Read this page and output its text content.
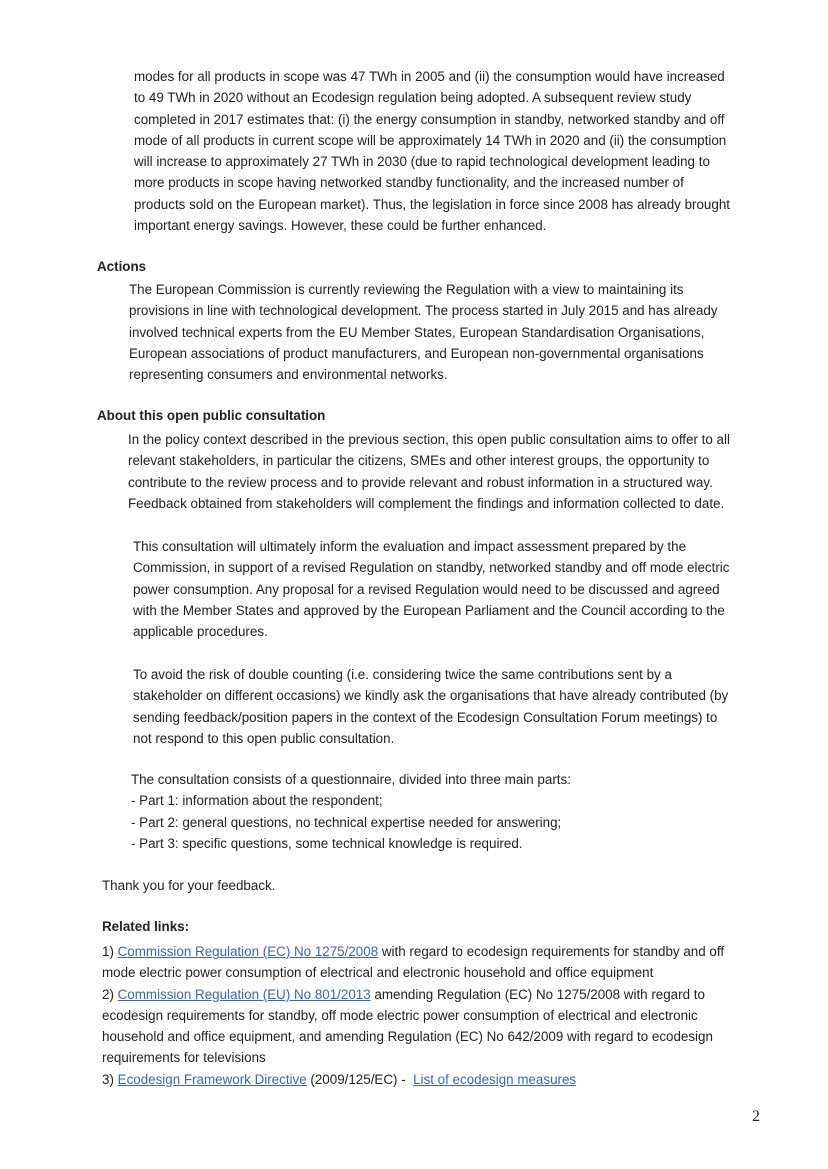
modes for all products in scope was 47 TWh in 2005 and (ii) the consumption would have increased
to 49 TWh in 2020 without an Ecodesign regulation being adopted. A subsequent review study
completed in 2017 estimates that: (i) the energy consumption in standby, networked standby and off
mode of all products in current scope will be approximately 14 TWh in 2020 and (ii) the consumption
will increase to approximately 27 TWh in 2030 (due to rapid technological development leading to
more products in scope having networked standby functionality, and the increased number of
products sold on the European market). Thus, the legislation in force since 2008 has already brought
important energy savings. However, these could be further enhanced.
Actions
The European Commission is currently reviewing the Regulation with a view to maintaining its
provisions in line with technological development. The process started in July 2015 and has already
involved technical experts from the EU Member States, European Standardisation Organisations,
European associations of product manufacturers, and European non-governmental organisations
representing consumers and environmental networks.
About this open public consultation
In the policy context described in the previous section, this open public consultation aims to offer to all
relevant stakeholders, in particular the citizens, SMEs and other interest groups, the opportunity to
contribute to the review process and to provide relevant and robust information in a structured way.
Feedback obtained from stakeholders will complement the findings and information collected to date.
This consultation will ultimately inform the evaluation and impact assessment prepared by the
Commission, in support of a revised Regulation on standby, networked standby and off mode electric
power consumption. Any proposal for a revised Regulation would need to be discussed and agreed
with the Member States and approved by the European Parliament and the Council according to the
applicable procedures.
To avoid the risk of double counting (i.e. considering twice the same contributions sent by a
stakeholder on different occasions) we kindly ask the organisations that have already contributed (by
sending feedback/position papers in the context of the Ecodesign Consultation Forum meetings) to
not respond to this open public consultation.
The consultation consists of a questionnaire, divided into three main parts:
- Part 1: information about the respondent;
- Part 2: general questions, no technical expertise needed for answering;
- Part 3: specific questions, some technical knowledge is required.
Thank you for your feedback.
Related links:
1) Commission Regulation (EC) No 1275/2008 with regard to ecodesign requirements for standby and off
mode electric power consumption of electrical and electronic household and office equipment
2) Commission Regulation (EU) No 801/2013 amending Regulation (EC) No 1275/2008 with regard to
ecodesign requirements for standby, off mode electric power consumption of electrical and electronic
household and office equipment, and amending Regulation (EC) No 642/2009 with regard to ecodesign
requirements for televisions
3) Ecodesign Framework Directive (2009/125/EC) -  List of ecodesign measures
2
